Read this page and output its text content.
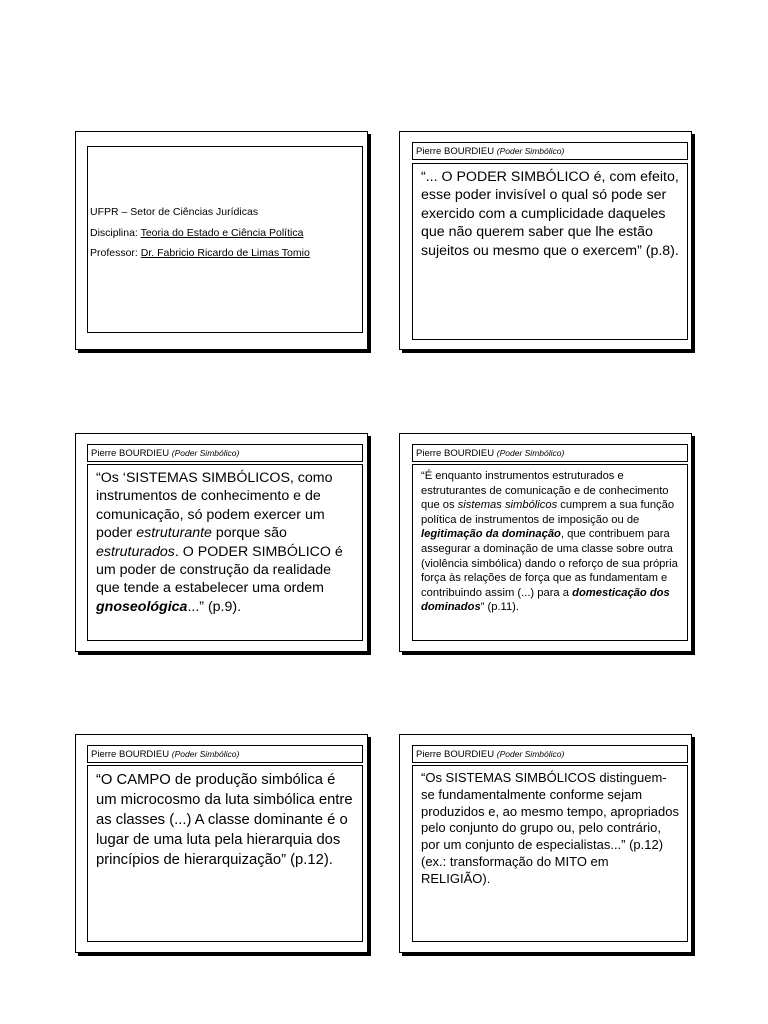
UFPR – Setor de Ciências Jurídicas
Disciplina: Teoria do Estado e Ciência Política
Professor: Dr. Fabricio Ricardo de Limas Tomio
Pierre BOURDIEU (Poder Simbólico)
“... O PODER SIMBÓLICO é, com efeito, esse poder invisível o qual só pode ser exercido com a cumplicidade daqueles que não querem saber que lhe estão sujeitos ou mesmo que o exercem” (p.8).
Pierre BOURDIEU (Poder Simbólico)
“Os ‘SISTEMAS SIMBÓLICOS, como instrumentos de conhecimento e de comunicação, só podem exercer um poder estruturante porque são estruturados. O PODER SIMBÓLICO é um poder de construção da realidade que tende a estabelecer uma ordem gnoseológica...” (p.9).
Pierre BOURDIEU (Poder Simbólico)
“É enquanto instrumentos estruturados e estruturantes de comunicação e de conhecimento que os sistemas simbólicos cumprem a sua função política de instrumentos de imposição ou de legitimação da dominação, que contribuem para assegurar a dominação de uma classe sobre outra (violência simbólica) dando o reforço de sua própria força às relações de força que as fundamentam e contribuindo assim (...) para a domesticação dos dominados” (p.11).
Pierre BOURDIEU (Poder Simbólico)
“O CAMPO de produção simbólica é um microcosmo da luta simbólica entre as classes (...) A classe dominante é o lugar de uma luta pela hierarquia dos princípios de hierarquização” (p.12).
Pierre BOURDIEU (Poder Simbólico)
“Os SISTEMAS SIMBÓLICOS distinguem-se fundamentalmente conforme sejam produzidos e, ao mesmo tempo, apropriados pelo conjunto do grupo ou, pelo contrário, por um conjunto de especialistas...” (p.12) (ex.: transformação do MITO em RELIGIÃO).
